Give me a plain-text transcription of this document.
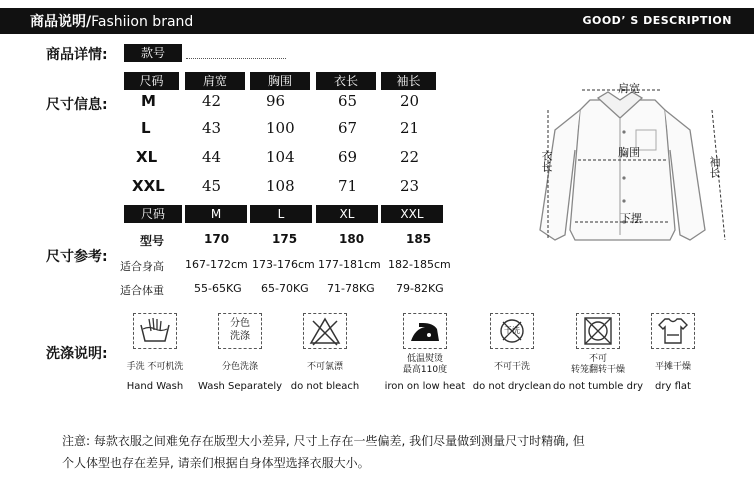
商品说明/Fashiion brand	GOOD’ S DESCRIPTION
商品详情:	款号
尺寸信息:
尺码	肩宽	胸围	衣长	袖长
M	42	96	65	20
L	43	100	67	21
XL	44	104	69	22
XXL 45	108	71	23
尺寸参考:
尺码	M	L	XL	XXL
型号	170	175	180	185
适合身高 167-172cm 173-176cm 177-181cm 182-185cm
适合体重	55-65KG 65-70KG 71-78KG 79-82KG
洗涤说明:
手洗 不可机洗
Hand Wash
分色
洗涤
分色洗涤
Wash Separately
不可氯漂
do not bleach
低温熨烫
最高110度
iron on low heat
干洗
不可干洗
do not dryclean
不可
转笼翻转干燥
do not tumble dry
平摊干燥
dry flat
肩宽
胸围
下摆
衣长	袖长
注意: 每款衣服之间难免存在版型大小差异, 尺寸上存在一些偏差, 我们尽量做到测量尺寸时精确, 但
个人体型也存在差异, 请亲们根据自身体型选择衣服大小。
